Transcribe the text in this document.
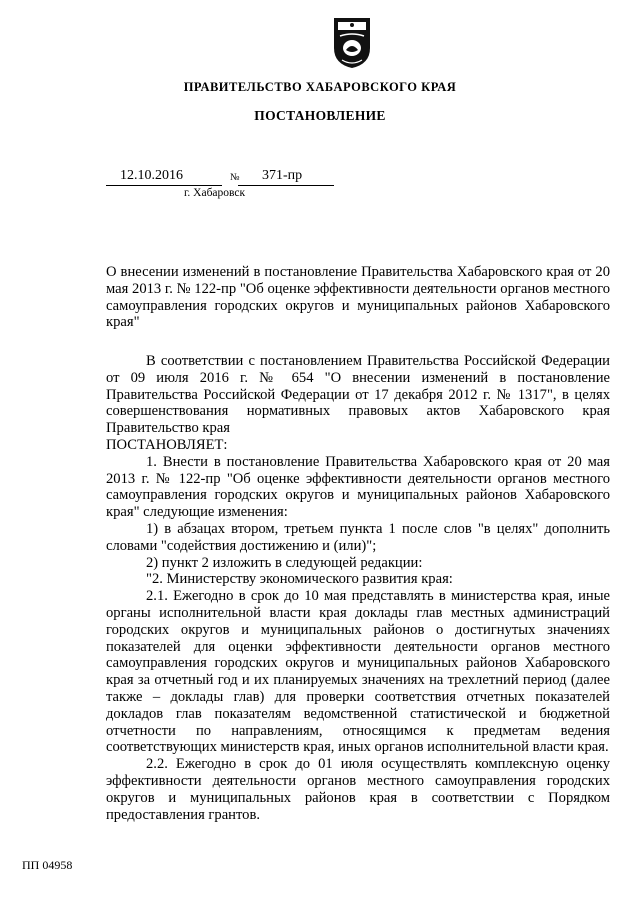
ПРАВИТЕЛЬСТВО ХАБАРОВСКОГО КРАЯ
ПОСТАНОВЛЕНИЕ
12.10.2016	№ 371-пр
г. Хабаровск
О внесении изменений в постановление Правительства Хабаровского края от 20 мая 2013 г. № 122-пр "Об оценке эффективности деятельности органов местного самоуправления городских округов и муниципальных районов Хабаровского края"

В соответствии с постановлением Правительства Российской Федерации от 09 июля 2016 г. № 654 "О внесении изменений в постановление Правительства Российской Федерации от 17 декабря 2012 г. № 1317", в целях совершенствования нормативных правовых актов Хабаровского края Правительство края

ПОСТАНОВЛЯЕТ:

1. Внести в постановление Правительства Хабаровского края от 20 мая 2013 г. № 122-пр "Об оценке эффективности деятельности органов местного самоуправления городских округов и муниципальных районов Хабаровского края" следующие изменения:

1) в абзацах втором, третьем пункта 1 после слов "в целях" дополнить словами "содействия достижению и (или)";

2) пункт 2 изложить в следующей редакции:

"2. Министерству экономического развития края:

2.1. Ежегодно в срок до 10 мая представлять в министерства края, иные органы исполнительной власти края доклады глав местных администраций городских округов и муниципальных районов о достигнутых значениях показателей для оценки эффективности деятельности органов местного самоуправления городских округов и муниципальных районов Хабаровского края за отчетный год и их планируемых значениях на трехлетний период (далее также – доклады глав) для проверки соответствия отчетных показателей докладов глав показателям ведомственной статистической и бюджетной отчетности по направлениям, относящимся к предметам ведения соответствующих министерств края, иных органов исполнительной власти края.

2.2. Ежегодно в срок до 01 июля осуществлять комплексную оценку эффективности деятельности органов местного самоуправления городских округов и муниципальных районов края в соответствии с Порядком предоставления грантов.

ПП 04958
